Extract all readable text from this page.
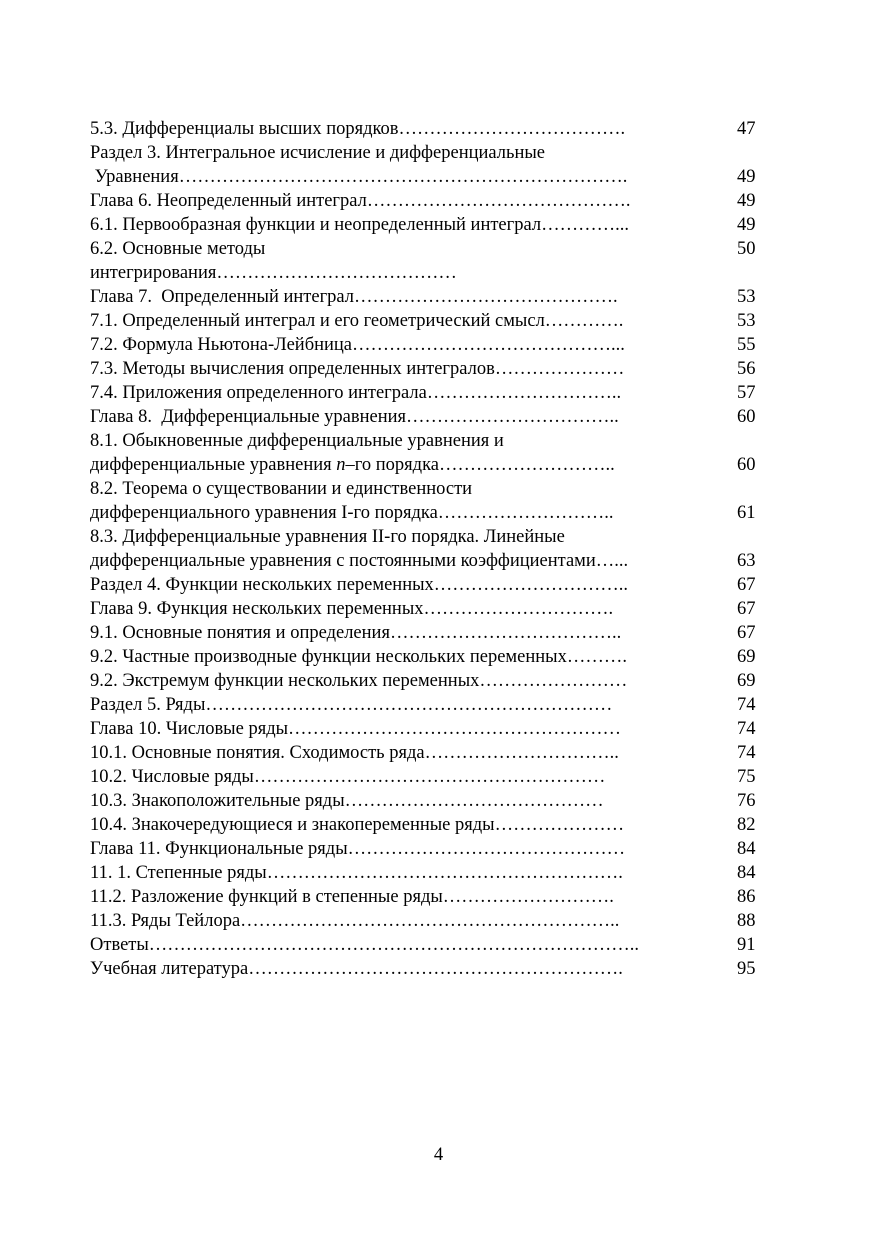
5.3. Дифференциалы высших порядков……………………………….	47
Раздел 3. Интегральное исчисление и дифференциальные
Уравнения……………………………………………………………….	49
Глава 6. Неопределенный интеграл…………………………………….	49
6.1. Первообразная функции и неопределенный интеграл…………...	49
6.2. Основные методы	50
интегрирования…………………………………
Глава 7.  Определенный интеграл…………………………………….	53
7.1. Определенный интеграл и его геометрический смысл………….	53
7.2. Формула Ньютона-Лейбница……………………………………...	55
7.3. Методы вычисления определенных интегралов…………………	56
7.4. Приложения определенного интеграла…………………………..	57
Глава 8.  Дифференциальные уравнения……………………………..	60
8.1. Обыкновенные дифференциальные уравнения и
дифференциальные уравнения n–го порядка………………………..	60
8.2. Теорема о существовании и единственности
дифференциального уравнения I-го порядка………………………..	61
8.3. Дифференциальные уравнения II-го порядка. Линейные
дифференциальные уравнения с постоянными коэффициентами…...	63
Раздел 4. Функции нескольких переменных…………………………..	67
Глава 9. Функция нескольких переменных………………………….	67
9.1. Основные понятия и определения………………………………..	67
9.2. Частные производные функции нескольких переменных……….	69
9.2. Экстремум функции нескольких переменных……………………	69
Раздел 5. Ряды…………………………………………………………	74
Глава 10. Числовые ряды………………………………………………	74
10.1. Основные понятия. Сходимость ряда…………………………..	74
10.2. Числовые ряды…………………………………………………	75
10.3. Знакоположительные ряды……………………………………	76
10.4. Знакочередующиеся и знакопеременные ряды…………………	82
Глава 11. Функциональные ряды………………………………………	84
11. 1. Степенные ряды………………………………………………….	84
11.2. Разложение функций в степенные ряды……………………….	86
11.3. Ряды Тейлора……………………………………………………..	88
Ответы……………………………………………………………………..	91
Учебная литература…………………………………………………….	95
4
